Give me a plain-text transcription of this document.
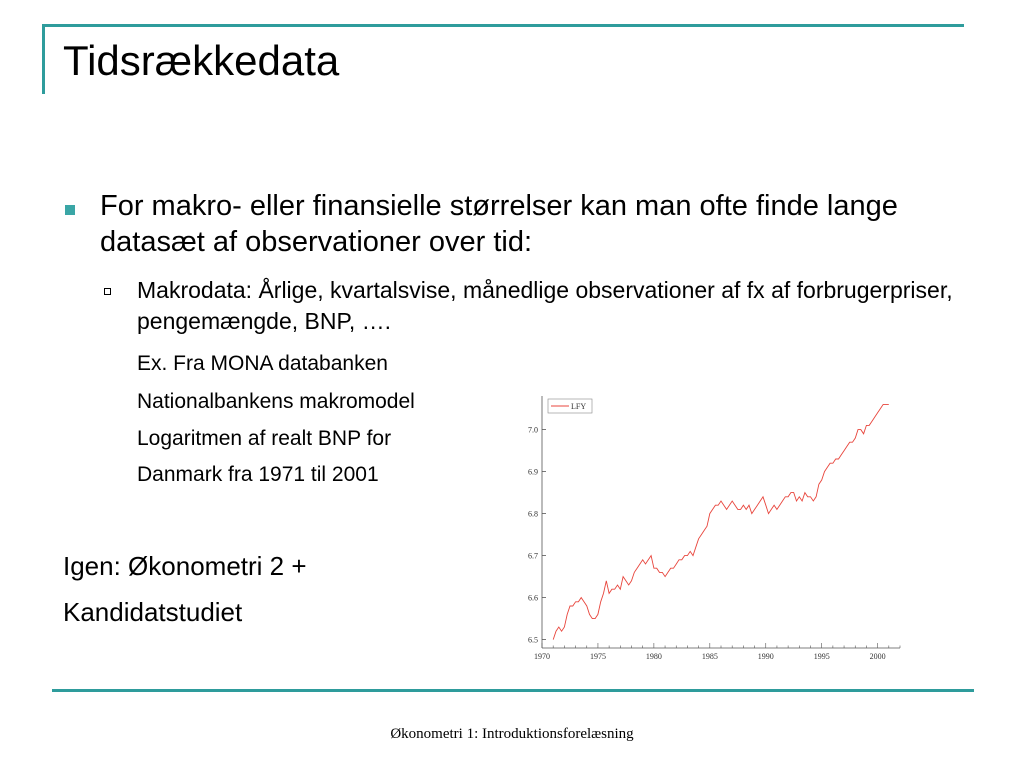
Tidsrækkedata
For makro- eller finansielle størrelser kan man ofte finde lange datasæt af observationer over tid:
Makrodata: Årlige, kvartalsvise, månedlige observationer af fx af forbrugerpriser, pengemængde, BNP, ….
Ex. Fra MONA databanken
Nationalbankens makromodel
Logaritmen af realt BNP for
Danmark fra 1971 til 2001
Igen: Økonometri 2 +
Kandidatstudiet
6.5
6.6
6.7
6.8
6.9
7.0
1970	1975	1980	1985	1990	1995	2000
LFY
Økonometri 1: Introduktionsforelæsning
